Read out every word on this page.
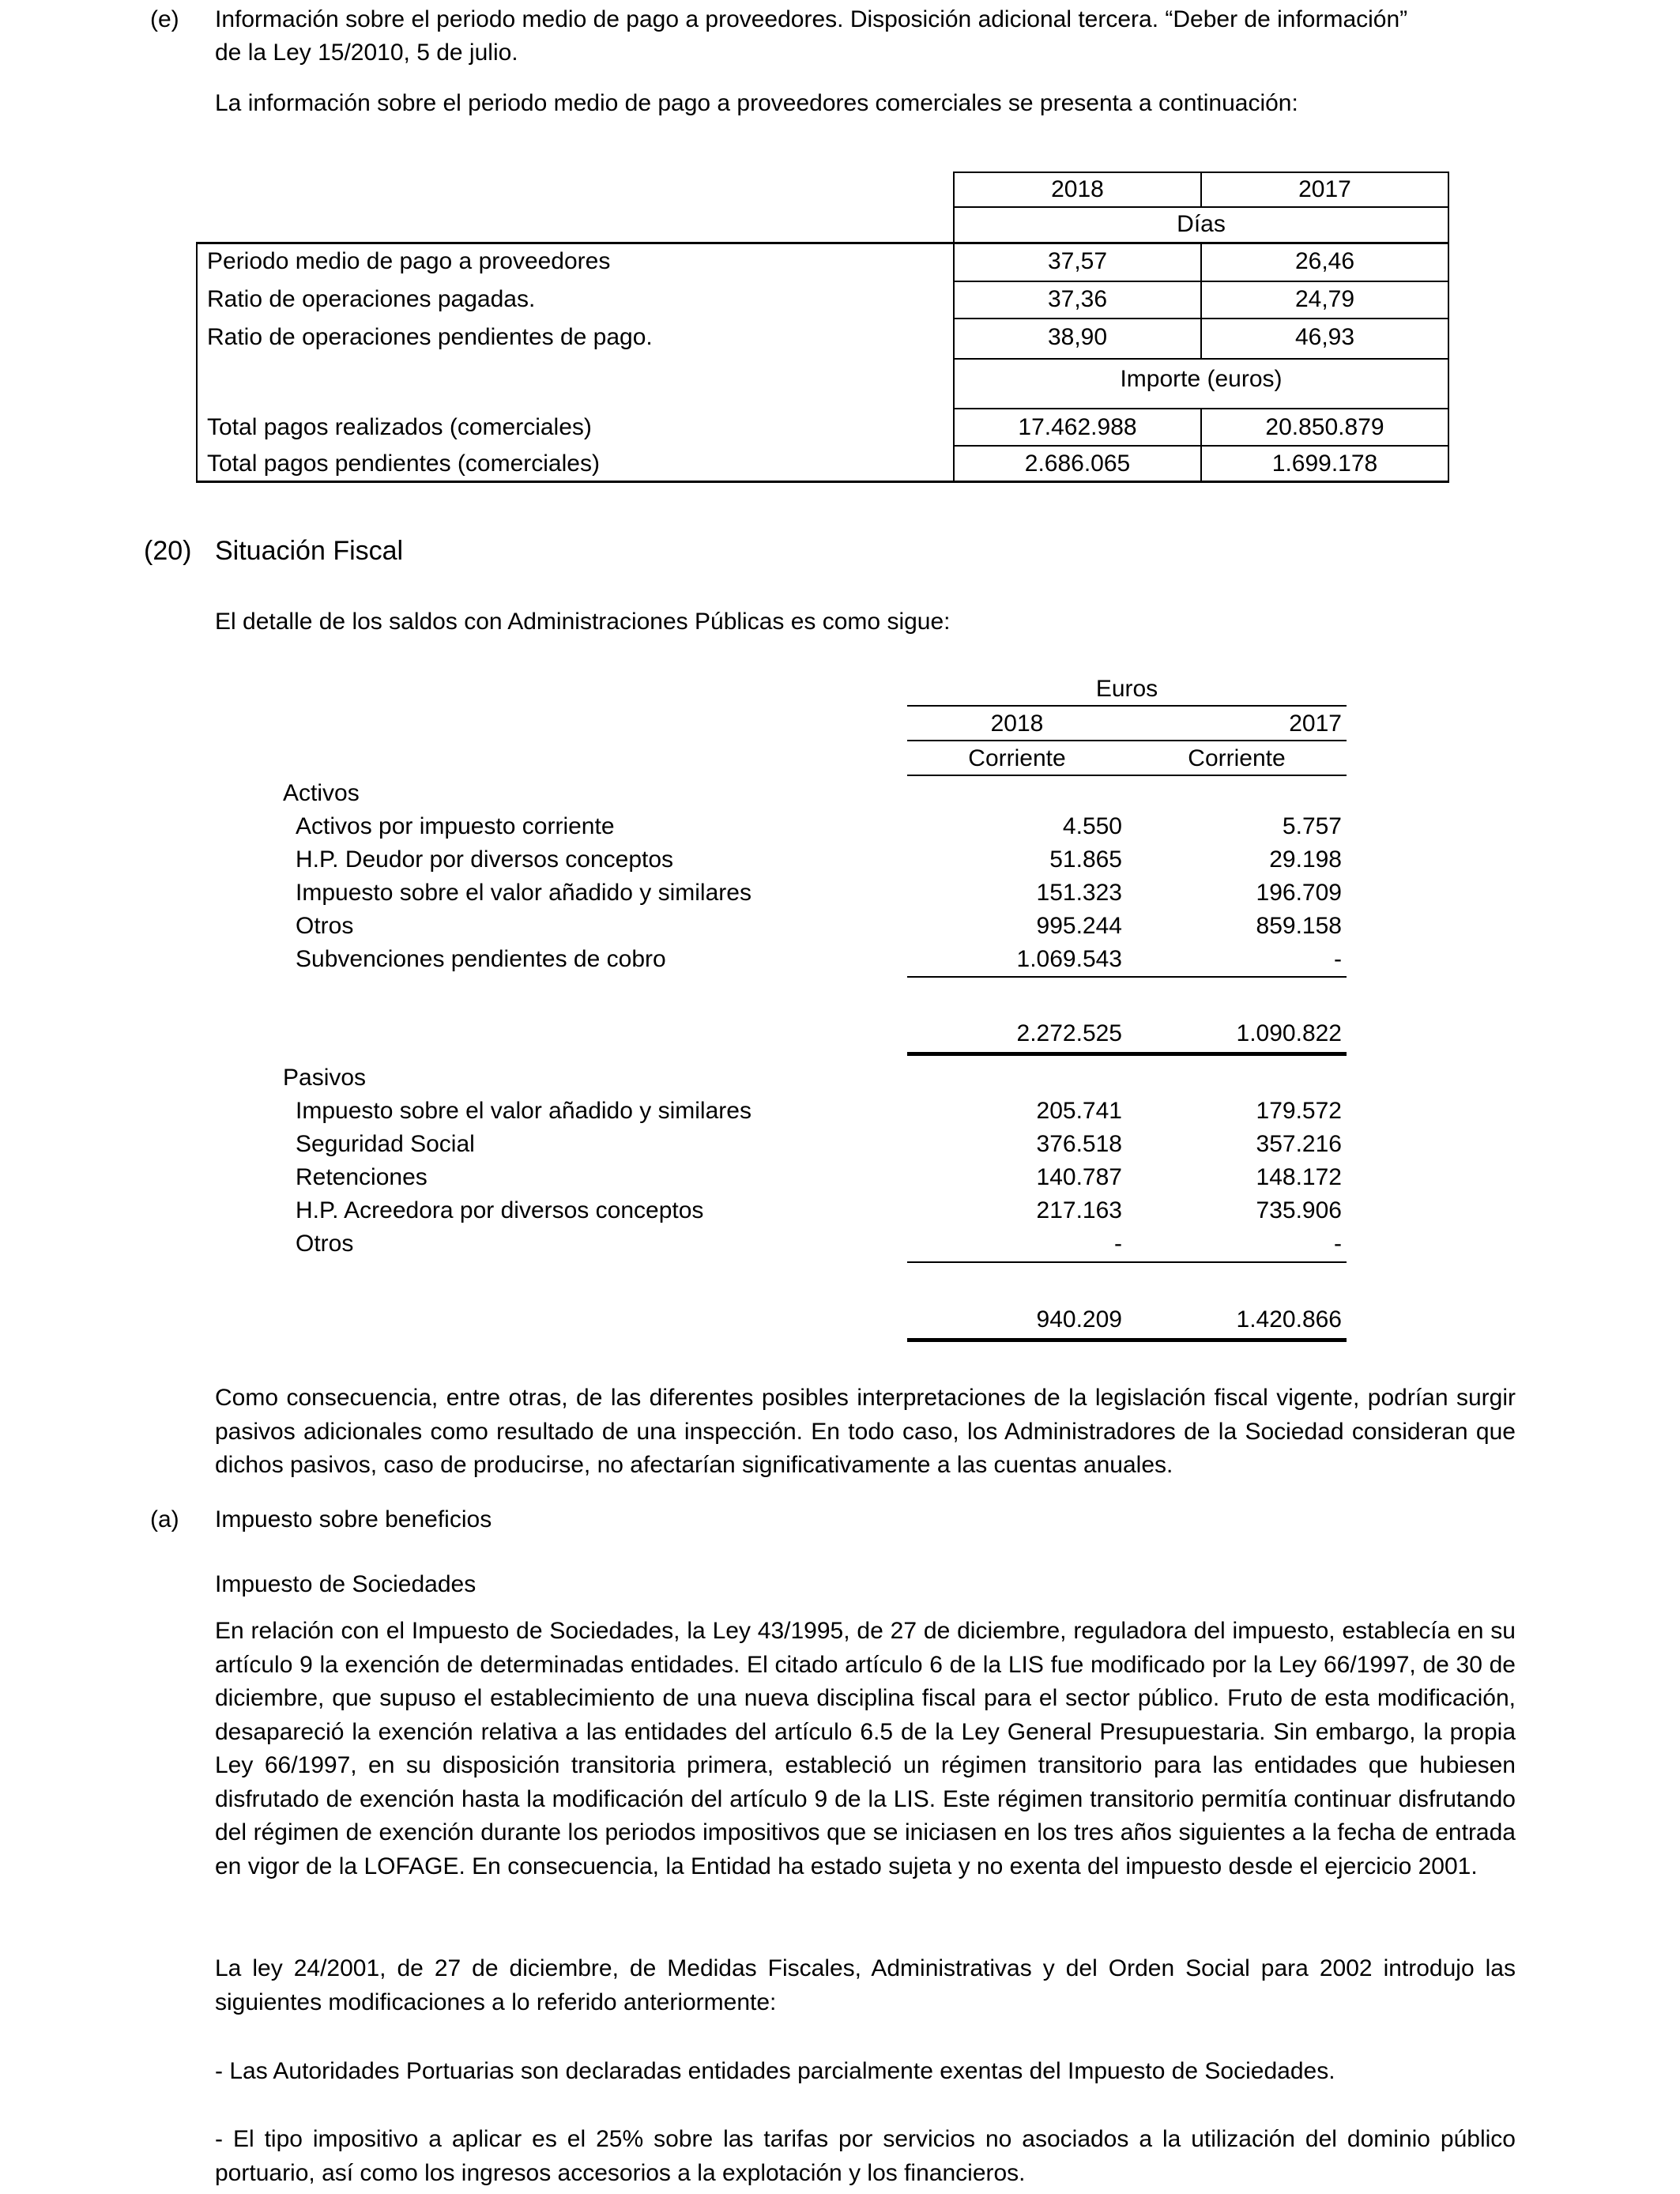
(e) Información sobre el periodo medio de pago a proveedores. Disposición adicional tercera. “Deber de información”
de la Ley 15/2010, 5 de julio.
La información sobre el periodo medio de pago a proveedores comerciales se presenta a continuación:
2018	2017
Días
Periodo medio de pago a proveedores	37,57	26,46
Ratio de operaciones pagadas.	37,36	24,79
Ratio de operaciones pendientes de pago.	38,90	46,93
Importe (euros)
Total pagos realizados (comerciales)	17.462.988	20.850.879
Total pagos pendientes (comerciales)	2.686.065	1.699.178
(20) Situación Fiscal
El detalle de los saldos con Administraciones Públicas es como sigue:
Euros
2018	2017
Corriente	Corriente
Activos
Activos por impuesto corriente	4.550	5.757
H.P. Deudor por diversos conceptos	51.865	29.198
Impuesto sobre el valor añadido y similares	151.323	196.709
Otros	995.244	859.158
Subvenciones pendientes de cobro	1.069.543	-
2.272.525	1.090.822
Pasivos
Impuesto sobre el valor añadido y similares	205.741	179.572
Seguridad Social	376.518	357.216
Retenciones	140.787	148.172
H.P. Acreedora por diversos conceptos	217.163	735.906
Otros	-	-
940.209	1.420.866
Como consecuencia, entre otras, de las diferentes posibles interpretaciones de la legislación fiscal vigente, podrían surgir pasivos adicionales como resultado de una inspección. En todo caso, los Administradores de la Sociedad consideran que dichos pasivos, caso de producirse, no afectarían significativamente a las cuentas anuales.
(a) Impuesto sobre beneficios
Impuesto de Sociedades
En relación con el Impuesto de Sociedades, la Ley 43/1995, de 27 de diciembre, reguladora del impuesto, establecía en su artículo 9 la exención de determinadas entidades. El citado artículo 6 de la LIS fue modificado por la Ley 66/1997, de 30 de diciembre, que supuso el establecimiento de una nueva disciplina fiscal para el sector público. Fruto de esta modificación, desapareció la exención relativa a las entidades del artículo 6.5 de la Ley General Presupuestaria. Sin embargo, la propia Ley 66/1997, en su disposición transitoria primera, estableció un régimen transitorio para las entidades que hubiesen disfrutado de exención hasta la modificación del artículo 9 de la LIS. Este régimen transitorio permitía continuar disfrutando del régimen de exención durante los periodos impositivos que se iniciasen en los tres años siguientes a la fecha de entrada en vigor de la LOFAGE. En consecuencia, la Entidad ha estado sujeta y no exenta del impuesto desde el ejercicio 2001.
La ley 24/2001, de 27 de diciembre, de Medidas Fiscales, Administrativas y del Orden Social para 2002 introdujo las siguientes modificaciones a lo referido anteriormente:
- Las Autoridades Portuarias son declaradas entidades parcialmente exentas del Impuesto de Sociedades.
- El tipo impositivo a aplicar es el 25% sobre las tarifas por servicios no asociados a la utilización del dominio público portuario, así como los ingresos accesorios a la explotación y los financieros.
